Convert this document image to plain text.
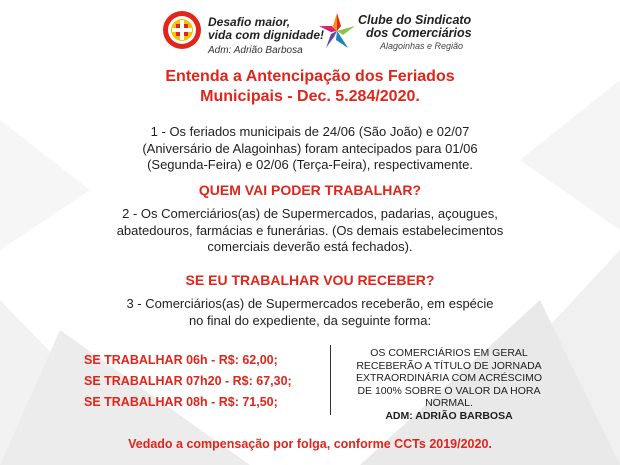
Desafio maior,
vida com dignidade!
Adm: Adrião Barbosa
Clube do Sindicato
dos Comerciários
Alagoinhas e Região
Entenda a Antencipação dos Feriados
Municipais - Dec. 5.284/2020.
1 - Os feriados municipais de 24/06 (São João) e 02/07
(Aniversário de Alagoinhas) foram antecipados para 01/06
(Segunda-Feira) e 02/06 (Terça-Feira), respectivamente.
QUEM VAI PODER TRABALHAR?
2 - Os Comerciários(as) de Supermercados, padarias, açougues,
abatedouros, farmácias e funerárias. (Os demais estabelecimentos
comerciais deverão está fechados).
SE EU TRABALHAR VOU RECEBER?
3 - Comerciários(as) de Supermercados receberão, em espécie
no final do expediente, da seguinte forma:
SE TRABALHAR 06h - R$: 62,00;
SE TRABALHAR 07h20 - R$: 67,30;
SE TRABALHAR 08h - R$: 71,50;
OS COMERCIÁRIOS EM GERAL
RECEBERÃO A TÍTULO DE JORNADA
EXTRAORDINÁRIA COM ACRÉSCIMO
DE 100% SOBRE O VALOR DA HORA
NORMAL.
ADM: ADRIÃO BARBOSA
Vedado a compensação por folga, conforme CCTs 2019/2020.
